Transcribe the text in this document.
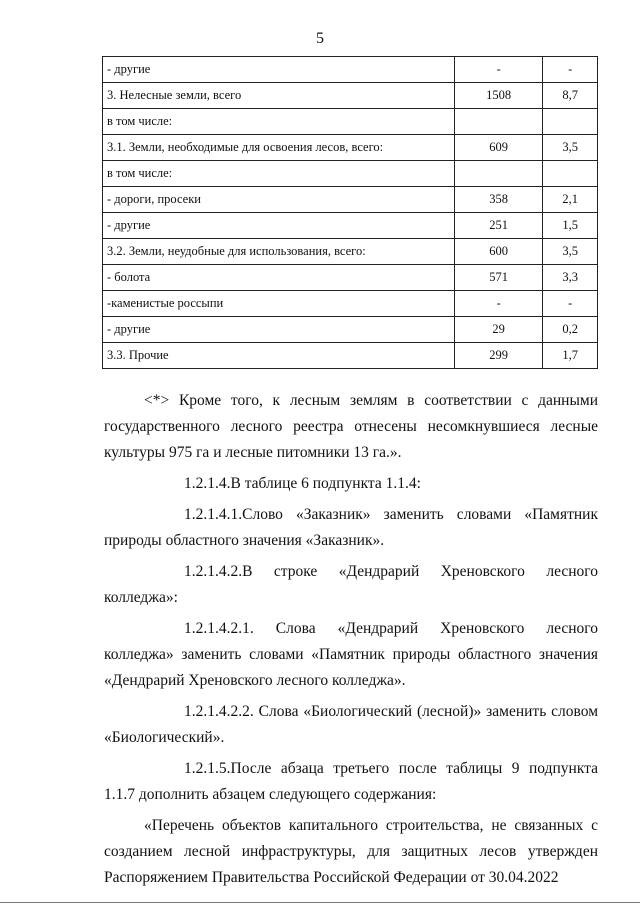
5
- другие	-	-
3. Нелесные земли, всего	1508	8,7
в том числе:		
3.1. Земли, необходимые для освоения лесов, всего:	609	3,5
в том числе:		
- дороги, просеки	358	2,1
- другие	251	1,5
3.2. Земли, неудобные для использования, всего:	600	3,5
- болота	571	3,3
-каменистые россыпи	-	-
- другие	29	0,2
3.3. Прочие	299	1,7

<*> Кроме того, к лесным землям в соответствии с данными государственного лесного реестра отнесены несомкнувшиеся лесные культуры 975 га и лесные питомники 13 га.».

1.2.1.4.В таблице 6 подпункта 1.1.4:

1.2.1.4.1.Слово «Заказник» заменить словами «Памятник природы областного значения «Заказник».

1.2.1.4.2.В строке «Дендрарий Хреновского лесного колледжа»:

1.2.1.4.2.1. Слова «Дендрарий Хреновского лесного колледжа» заменить словами «Памятник природы областного значения «Дендрарий Хреновского лесного колледжа».

1.2.1.4.2.2. Слова «Биологический (лесной)» заменить словом «Биологический».

1.2.1.5.После абзаца третьего после таблицы 9 подпункта 1.1.7 дополнить абзацем следующего содержания:

«Перечень объектов капитального строительства, не связанных с созданием лесной инфраструктуры, для защитных лесов утвержден Распоряжением Правительства Российской Федерации от 30.04.2022
